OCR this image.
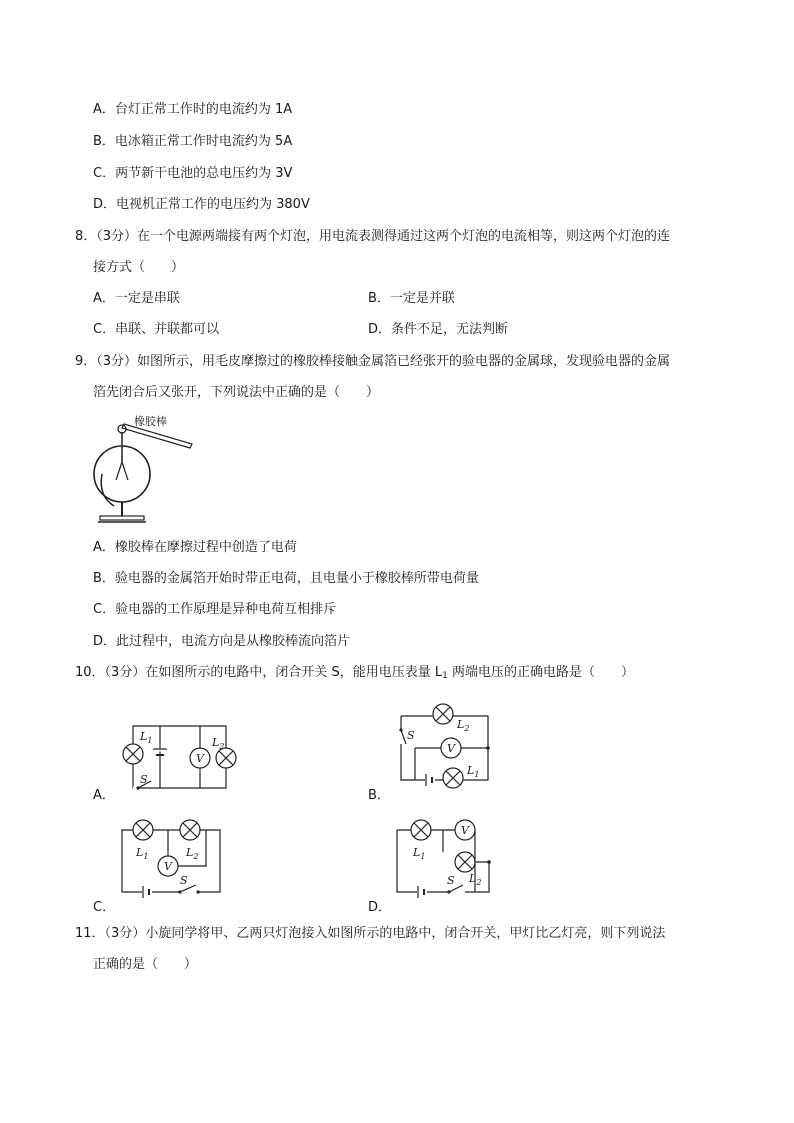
A．台灯正常工作时的电流约为 1A
B．电冰箱正常工作时电流约为 5A
C．两节新干电池的总电压约为 3V
D．电视机正常工作的电压约为 380V
8．（3分）在一个电源两端接有两个灯泡，用电流表测得通过这两个灯泡的电流相等，则这两个灯泡的连
接方式（　　）
A．一定是串联	B．一定是并联
C．串联、并联都可以	D．条件不足，无法判断
9．（3分）如图所示，用毛皮摩擦过的橡胶棒接触金属箔已经张开的验电器的金属球，发现验电器的金属
箔先闭合后又张开，下列说法中正确的是（　　）
橡胶棒
A．橡胶棒在摩擦过程中创造了电荷
B．验电器的金属箔开始时带正电荷，且电量小于橡胶棒所带电荷量
C．验电器的工作原理是异种电荷互相排斥
D．此过程中，电流方向是从橡胶棒流向箔片
10．（3分）在如图所示的电路中，闭合开关 S，能用电压表量 $L_1$ 两端电压的正确电路是（　　）
A．
$L_1$	$L_2$
V
S
B．
$L_2$
S
V
$L_1$
C．
$L_1$	$L_2$
V
S
D．
$L_1$
V
S $L_2$
11．（3分）小旋同学将甲、乙两只灯泡接入如图所示的电路中，闭合开关，甲灯比乙灯亮，则下列说法
正确的是（　　）
